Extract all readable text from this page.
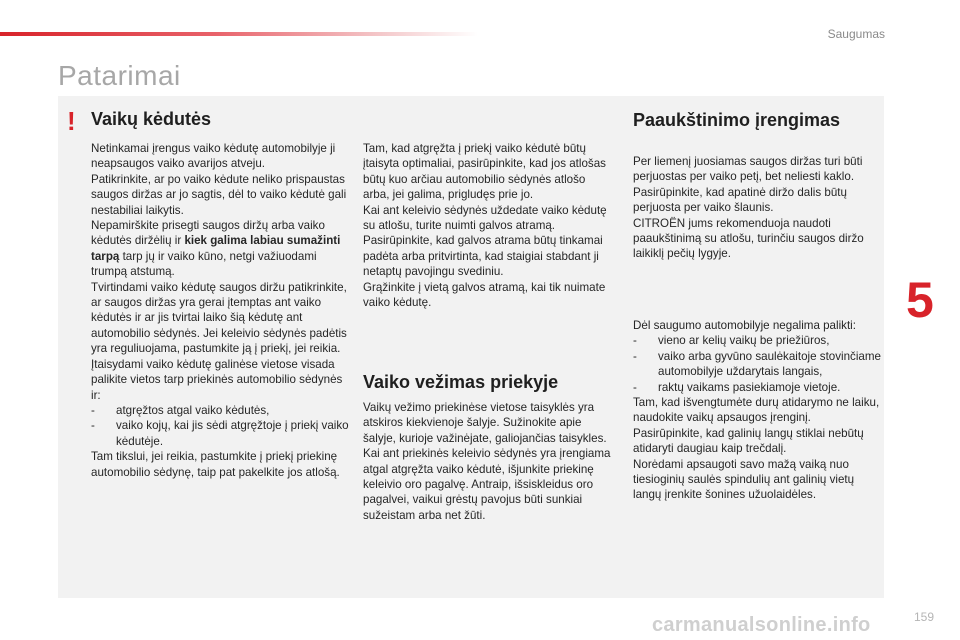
Saugumas
Patarimai
! Vaikų kėdutės

Netinkamai įrengus vaiko kėdutę automobilyje ji neapsaugos vaiko avarijos atveju.

Patikrinkite, ar po vaiko kėdute neliko prispaustas saugos diržas ar jo sagtis, dėl to vaiko kėdutė gali nestabiliai laikytis.

Nepamirškite prisegti saugos diržų arba vaiko kėdutės diržėlių ir kiek galima labiau sumažinti tarpą tarp jų ir vaiko kūno, netgi važiuodami trumpą atstumą.

Tvirtindami vaiko kėdutę saugos diržu patikrinkite, ar saugos diržas yra gerai įtemptas ant vaiko kėdutės ir ar jis tvirtai laiko šią kėdutę ant automobilio sėdynės. Jei keleivio sėdynės padėtis yra reguliuojama, pastumkite ją į priekį, jei reikia.

Įtaisydami vaiko kėdutę galinėse vietose visada palikite vietos tarp priekinės automobilio sėdynės ir:

- atgręžtos atgal vaiko kėdutės,

- vaiko kojų, kai jis sėdi atgręžtoje į priekį vaiko kėdutėje.

Tam tikslui, jei reikia, pastumkite į priekį priekinę automobilio sėdynę, taip pat pakelkite jos atlošą.

Tam, kad atgręžta į priekį vaiko kėdutė būtų įtaisyta optimaliai, pasirūpinkite, kad jos atlošas būtų kuo arčiau automobilio sėdynės atlošo arba, jei galima, prigludęs prie jo.

Kai ant keleivio sėdynės uždedate vaiko kėdutę su atlošu, turite nuimti galvos atramą. Pasirūpinkite, kad galvos atrama būtų tinkamai padėta arba pritvirtinta, kad staigiai stabdant ji netaptų pavojingu svediniu.

Grąžinkite į vietą galvos atramą, kai tik nuimate vaiko kėdutę.

Vaiko vežimas priekyje

Vaikų vežimo priekinėse vietose taisyklės yra atskiros kiekvienoje šalyje. Sužinokite apie šalyje, kurioje važinėjate, galiojančias taisykles.

Kai ant priekinės keleivio sėdynės yra įrengiama atgal atgręžta vaiko kėdutė, išjunkite priekinę keleivio oro pagalvę. Antraip, išsiskleidus oro pagalvei, vaikui grėstų pavojus būti sunkiai sužeistam arba net žūti.

Paaukštinimo įrengimas

Per liemenį juosiamas saugos diržas turi būti perjuostas per vaiko petį, bet neliesti kaklo.

Pasirūpinkite, kad apatinė diržo dalis būtų perjuosta per vaiko šlaunis.

CITROËN jums rekomenduoja naudoti paaukštinimą su atlošu, turinčiu saugos diržo laikiklį pečių lygyje.

Dėl saugumo automobilyje negalima palikti:

- vieno ar kelių vaikų be priežiūros,

- vaiko arba gyvūno saulėkaitoje stovinčiame automobilyje uždarytais langais,

- raktų vaikams pasiekiamoje vietoje.

Tam, kad išvengtumėte durų atidarymo ne laiku, naudokite vaikų apsaugos įrenginį.

Pasirūpinkite, kad galinių langų stiklai nebūtų atidaryti daugiau kaip trečdalį.

Norėdami apsaugoti savo mažą vaiką nuo tiesioginių saulės spindulių ant galinių vietų langų įrenkite šonines užuolaidėles.

5
carmanualsonline.info	159
